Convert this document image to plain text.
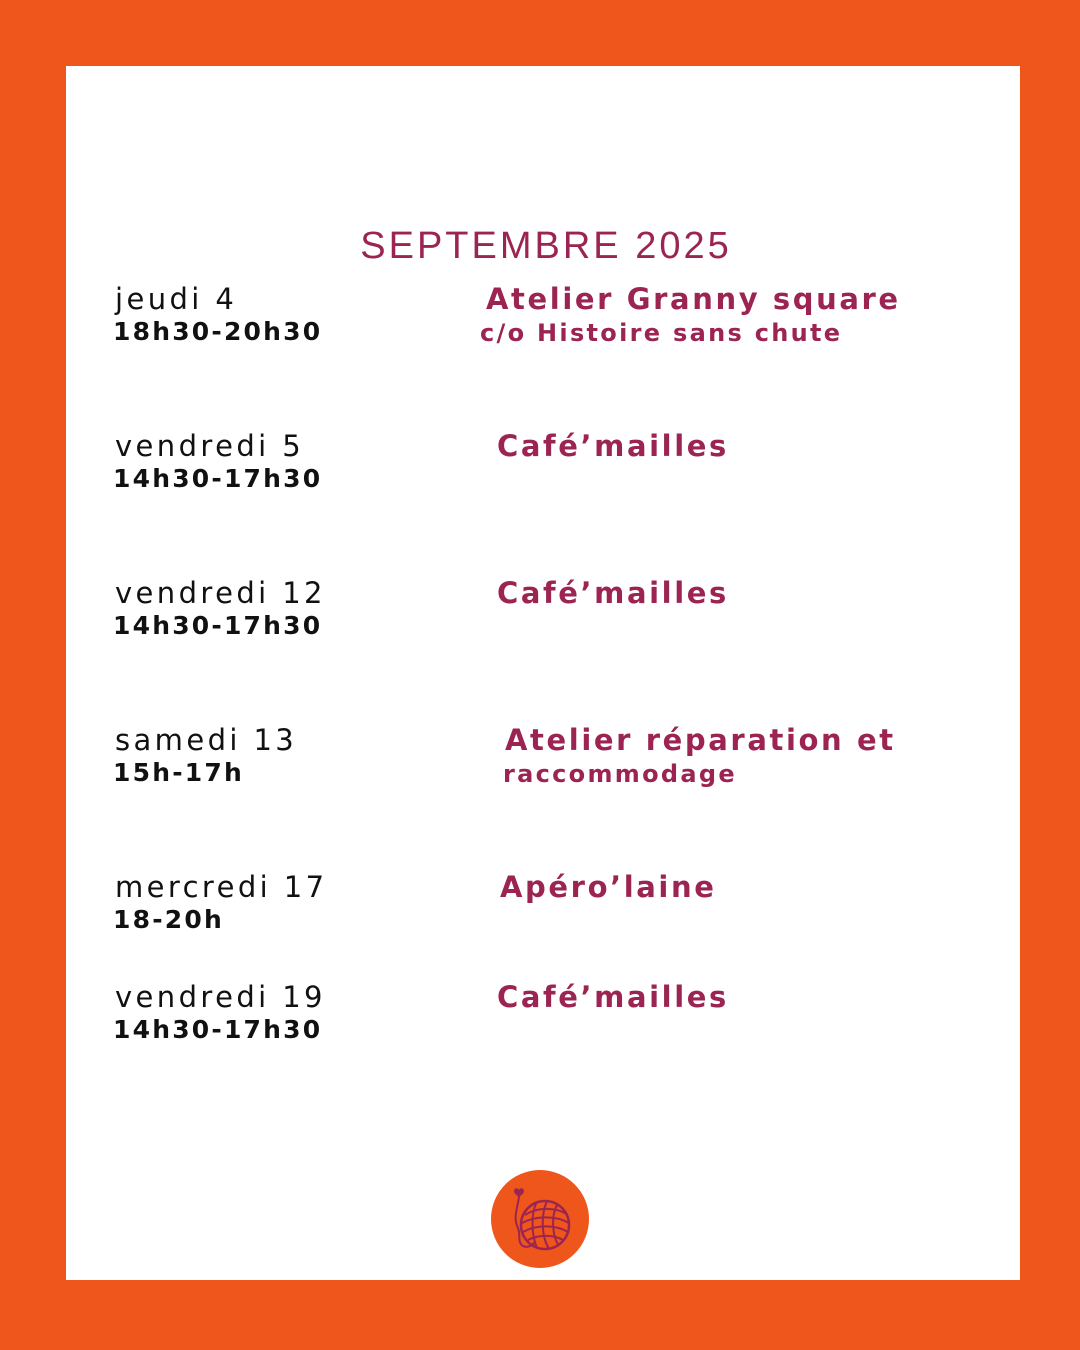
SEPTEMBRE 2025
jeudi 4
18h30-20h30
Atelier Granny square
c/o Histoire sans chute
vendredi 5
14h30-17h30
Café’mailles
vendredi 12
14h30-17h30
Café’mailles
samedi 13
15h-17h
Atelier réparation et
raccommodage
mercredi 17
18-20h
Apéro’laine
vendredi 19
14h30-17h30
Café’mailles
